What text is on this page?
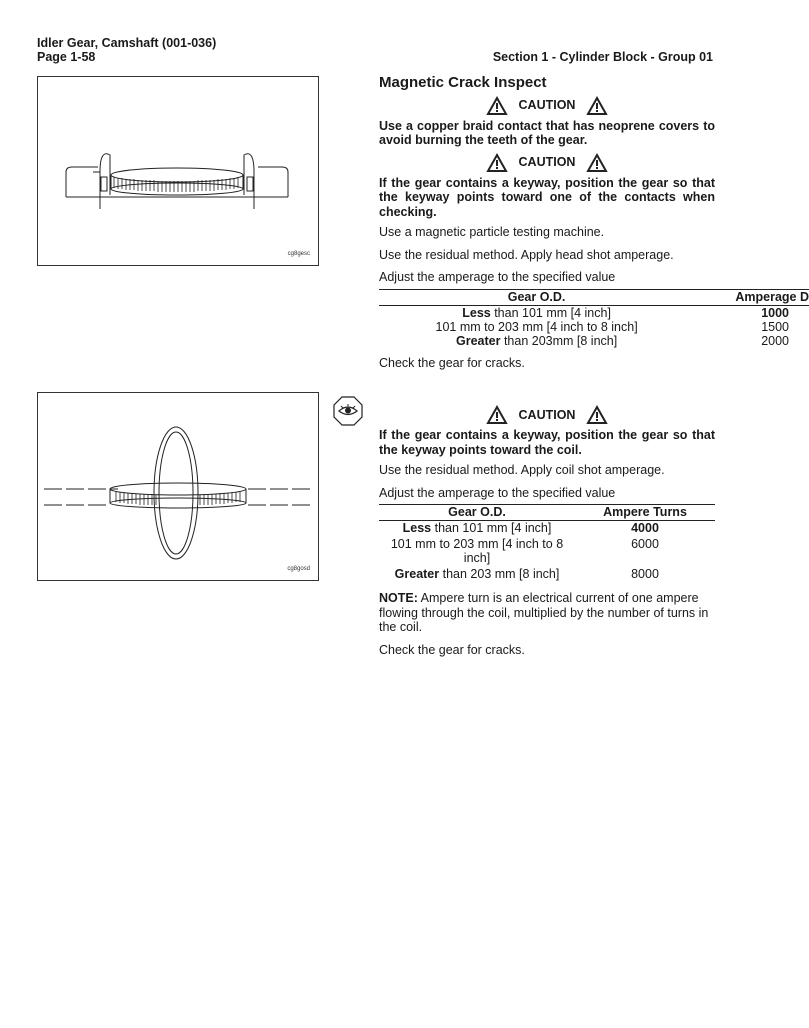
Idler Gear, Camshaft (001-036)
Page 1-58	Section 1 - Cylinder Block - Group 01
cg8gesc
cg8gosd
Magnetic Crack Inspect
CAUTION

Use a copper braid contact that has neoprene covers to avoid burning the teeth of the gear.

CAUTION

If the gear contains a keyway, position the gear so that the keyway points toward one of the contacts when checking.

Use a magnetic particle testing machine.

Use the residual method. Apply head shot amperage.

Adjust the amperage to the specified value

Gear O.D.	Amperage D
Less than 101 mm [4 inch]	1000
101 mm to 203 mm [4 inch to 8 inch]	1500
Greater than 203mm [8 inch]	2000

Check the gear for cracks.

CAUTION

If the gear contains a keyway, position the gear so that the keyway points toward the coil.

Use the residual method. Apply coil shot amperage.

Adjust the amperage to the specified value

Gear O.D.	Ampere Turns
Less than 101 mm [4 inch]	4000
101 mm to 203 mm [4 inch to 8 inch]	6000
Greater than 203 mm [8 inch]	8000

NOTE: Ampere turn is an electrical current of one ampere flowing through the coil, multiplied by the number of turns in the coil.

Check the gear for cracks.
